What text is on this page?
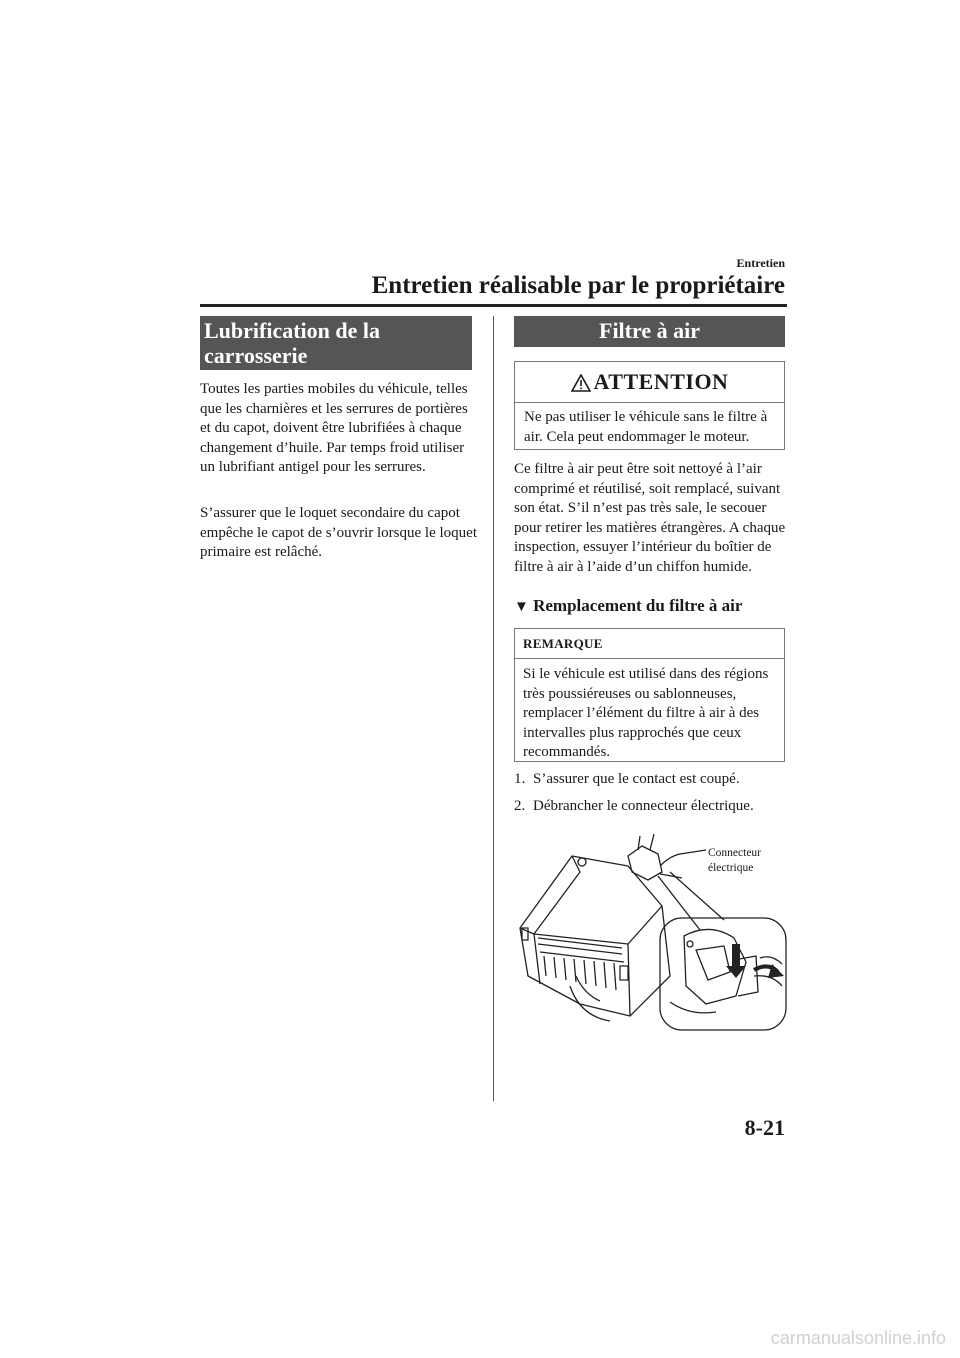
Entretien
Entretien réalisable par le propriétaire
Lubrification de la
carrosserie

Toutes les parties mobiles du véhicule, telles que les charnières et les serrures de portières et du capot, doivent être lubrifiées à chaque changement d’huile. Par temps froid utiliser un lubrifiant antigel pour les serrures.

S’assurer que le loquet secondaire du capot empêche le capot de s’ouvrir lorsque le loquet primaire est relâché.

Filtre à air
ATTENTION
Ne pas utiliser le véhicule sans le filtre à air. Cela peut endommager le moteur.

Ce filtre à air peut être soit nettoyé à l’air comprimé et réutilisé, soit remplacé, suivant son état. S’il n’est pas très sale, le secouer pour retirer les matières étrangères. A chaque inspection, essuyer l’intérieur du boîtier de filtre à air à l’aide d’un chiffon humide.

▼ Remplacement du filtre à air
REMARQUE
Si le véhicule est utilisé dans des régions très poussiéreuses ou sablonneuses, remplacer l’élément du filtre à air à des intervalles plus rapprochés que ceux recommandés.
1. S’assurer que le contact est coupé.
2. Débrancher le connecteur électrique.
Connecteur
électrique
8-21
carmanualsonline.info
